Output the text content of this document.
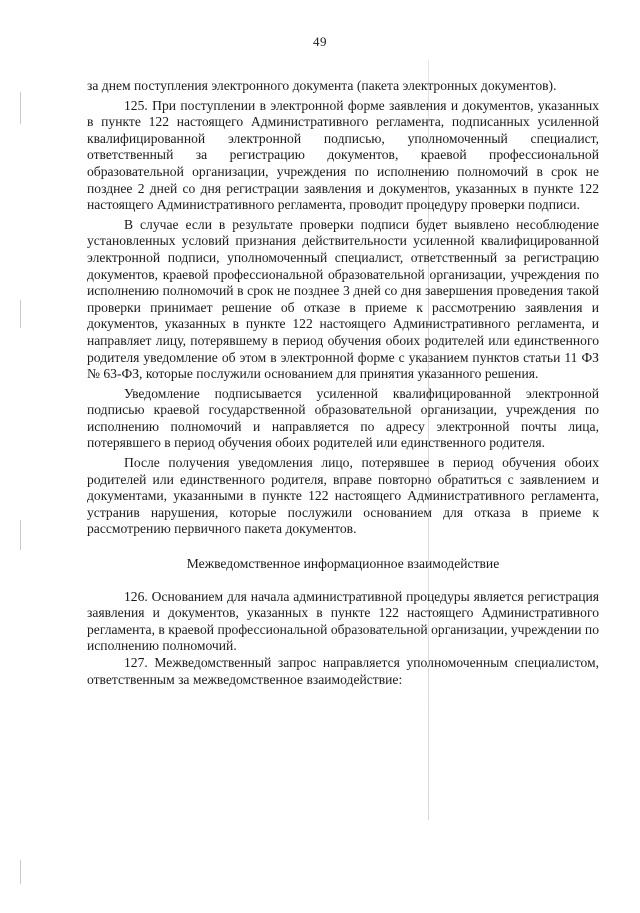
49

за днем поступления электронного документа (пакета электронных документов).

125. При поступлении в электронной форме заявления и документов, указанных в пункте 122 настоящего Административного регламента, подписанных усиленной квалифицированной электронной подписью, уполномоченный специалист, ответственный за регистрацию документов, краевой профессиональной образовательной организации, учреждения по исполнению полномочий в срок не позднее 2 дней со дня регистрации заявления и документов, указанных в пункте 122 настоящего Административного регламента, проводит процедуру проверки подписи.

В случае если в результате проверки подписи будет выявлено несоблюдение установленных условий признания действительности усиленной квалифицированной электронной подписи, уполномоченный специалист, ответственный за регистрацию документов, краевой профессиональной образовательной организации, учреждения по исполнению полномочий в срок не позднее 3 дней со дня завершения проведения такой проверки принимает решение об отказе в приеме к рассмотрению заявления и документов, указанных в пункте 122 настоящего Административного регламента, и направляет лицу, потерявшему в период обучения обоих родителей или единственного родителя уведомление об этом в электронной форме с указанием пунктов статьи 11 ФЗ № 63-ФЗ, которые послужили основанием для принятия указанного решения.

Уведомление подписывается усиленной квалифицированной электронной подписью краевой государственной образовательной организации, учреждения по исполнению полномочий и направляется по адресу электронной почты лица, потерявшего в период обучения обоих родителей или единственного родителя.

После получения уведомления лицо, потерявшее в период обучения обоих родителей или единственного родителя, вправе повторно обратиться с заявлением и документами, указанными в пункте 122 настоящего Административного регламента, устранив нарушения, которые послужили основанием для отказа в приеме к рассмотрению первичного пакета документов.

Межведомственное информационное взаимодействие

126. Основанием для начала административной процедуры является регистрация заявления и документов, указанных в пункте 122 настоящего Административного регламента, в краевой профессиональной образовательной организации, учреждении по исполнению полномочий.

127. Межведомственный запрос направляется уполномоченным специалистом, ответственным за межведомственное взаимодействие:
